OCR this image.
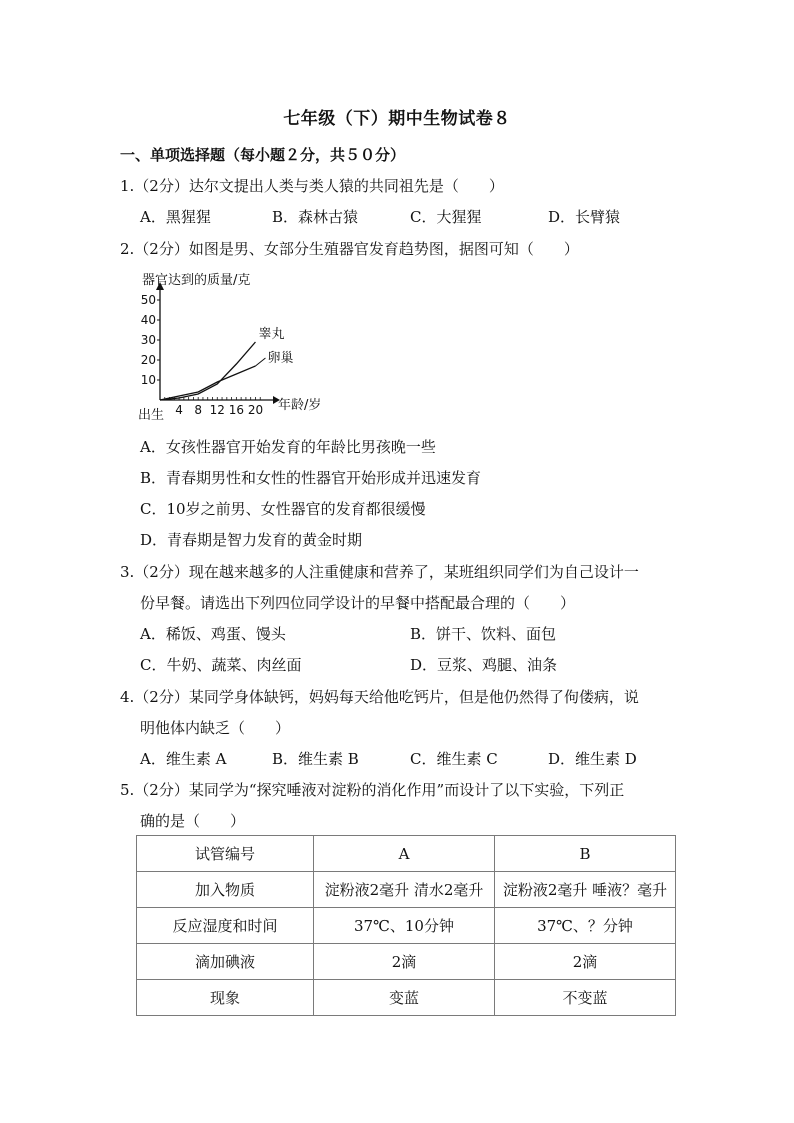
七年级（下）期中生物试卷８
一、单项选择题（每小题２分，共５０分）
1.（2分）达尔文提出人类与类人猿的共同祖先是（　　）
A．黑猩猩	B．森林古猿	C．大猩猩	D．长臂猿
2.（2分）如图是男、女部分生殖器官发育趋势图，据图可知（　　）
器官达到的质量/克
年龄/岁
出生
10
20
30
40
50
4 8 12 16 20
睾丸
卵巢
A．女孩性器官开始发育的年龄比男孩晚一些
B．青春期男性和女性的性器官开始形成并迅速发育
C．10岁之前男、女性器官的发育都很缓慢
D．青春期是智力发育的黄金时期
3.（2分）现在越来越多的人注重健康和营养了，某班组织同学们为自己设计一
份早餐。请选出下列四位同学设计的早餐中搭配最合理的（　　）
A．稀饭、鸡蛋、馒头	B．饼干、饮料、面包
C．牛奶、蔬菜、肉丝面	D．豆浆、鸡腿、油条
4.（2分）某同学身体缺钙，妈妈每天给他吃钙片，但是他仍然得了佝偻病，说
明他体内缺乏（　　）
A．维生素 A	B．维生素 B	C．维生素 C	D．维生素 D
5.（2分）某同学为“探究唾液对淀粉的消化作用”而设计了以下实验，下列正
确的是（　　）
试管编号	A	B
加入物质	淀粉液2毫升 清水2毫升	淀粉液2毫升 唾液？毫升
反应湿度和时间	37℃、10分钟	37℃、？分钟
滴加碘液	2滴	2滴
现象	变蓝	不变蓝
